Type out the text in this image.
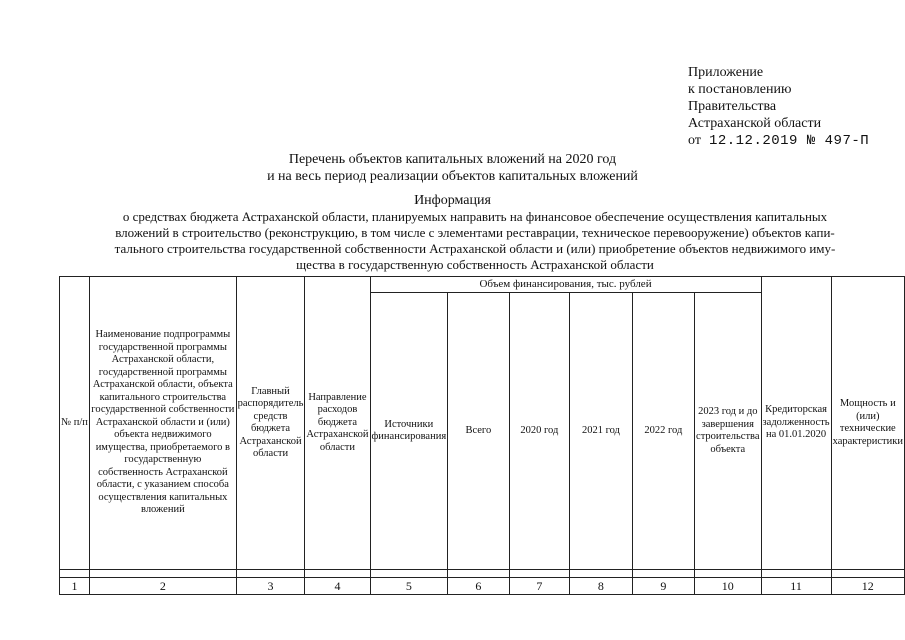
Приложение
к постановлению
Правительства
Астраханской области
от 12.12.2019 № 497-П
Перечень объектов капитальных вложений на 2020 год
и на весь период реализации объектов капитальных вложений
Информация
о средствах бюджета Астраханской области, планируемых направить на финансовое обеспечение осуществления капитальных
вложений в строительство (реконструкцию, в том числе с элементами реставрации, техническое перевооружение) объектов капи-
тального строительства государственной собственности Астраханской области и (или) приобретение объектов недвижимого иму-
щества в государственную собственность Астраханской области
№ п/п	Наименование подпрограммы государственной программы Астраханской области, государственной программы Астраханской области, объекта капитального строительства государственной собственности Астраханской области и (или) объекта недвижимого имущества, приобретаемого в государственную собственность Астраханской области, с указанием способа осуществления капитальных вложений	Главный распорядитель средств бюджета Астраханской области	Направление расходов бюджета Астраханской области	Объем финансирования, тыс. рублей						Кредиторская задолженность на 01.01.2020	Мощность и (или) технические характеристики
				Источники финансирования	Всего	2020 год	2021 год	2022 год	2023 год и до завершения строительства объекта		

1	2	3	4	5	6	7	8	9	10	11	12
